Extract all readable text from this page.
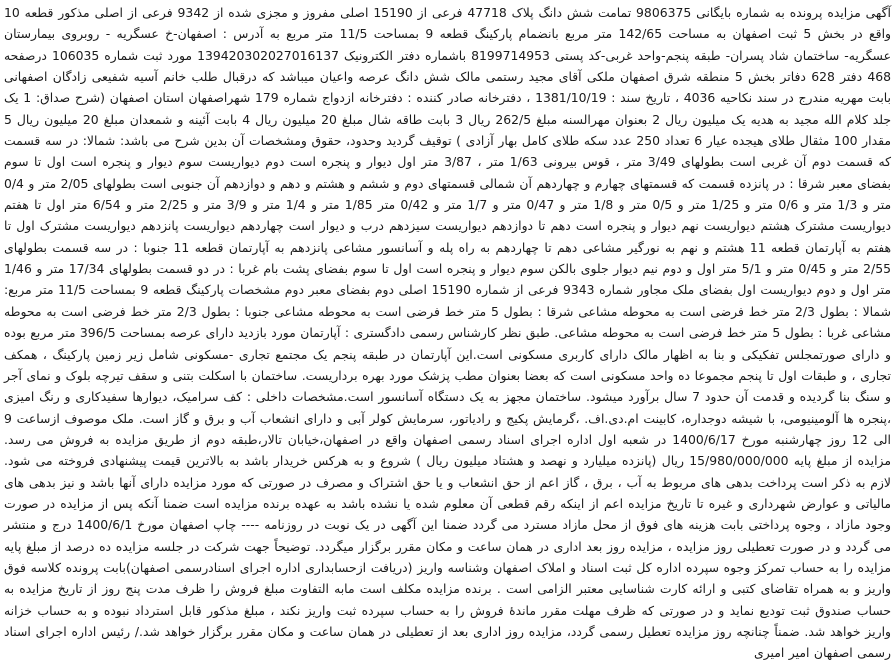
آگهی مزایده پرونده به شماره بایگانی 9806375 تمامت شش دانگ پلاک 47718 فرعی از 15190 اصلی مفروز و مجزی شده از 9342 فرعی از اصلی مذکور قطعه 10 واقع در بخش 5 ثبت اصفهان به مساحت 142/65 متر مربع بانضمام پارکینگ قطعه 9 بمساحت 11/5 متر مربع به آدرس : اصفهان-خ عسگریه - روبروی بیمارستان عسگریه- ساختمان شاد پسران- طبقه پنجم-واحد غربی-کد پستی 8199714953 باشماره دفتر الکترونیک 139420302027016137 مورد ثبت شماره 106035 درصفحه 468 دفتر 628 دفاتر بخش 5 منطقه شرق اصفهان ملکی آقای مجید رستمی مالک شش دانگ عرصه واعیان میباشد که درقبال طلب خانم آسیه شفیعی زادگان اصفهانی بابت مهریه مندرج در سند نکاحیه 4036 ، تاریخ سند : 1381/10/19 ، دفترخانه صادر کننده : دفترخانه ازدواج شماره 179 شهراصفهان استان اصفهان (شرح صداق: 1 یک جلد کلام الله مجید به هدیه یک میلیون ریال 2 بعنوان مهرالسنه مبلغ 262/5 ریال 3 بابت طاقه شال مبلغ 20 میلیون ریال 4 بابت آئینه و شمعدان مبلغ 20 میلیون ریال 5 مقدار 100 مثقال طلای هیجده عیار 6 تعداد 250 عدد سکه طلای کامل بهار آزادی ) توقیف گردید وحدود، حقوق ومشخصات آن بدین شرح می باشد: شمالا: در سه قسمت که قسمت دوم آن غربی است بطولهای 3/49 متر ، قوس بیرونی 1/63 متر ، 3/87 متر اول دیوار و پنجره است دوم دیواریست سوم دیوار و پنجره است اول تا سوم بفضای معبر شرقا : در پانزده قسمت که قسمتهای چهارم و چهاردهم آن شمالی قسمتهای دوم و ششم و هشتم و دهم و دوازدهم آن جنوبی است بطولهای 2/05 متر و 0/4 متر و 1/3 متر و 0/6 متر و 1/25 متر و 0/5 متر و 1/8 متر و 0/47 متر و 1/7 متر و 0/42 متر 1/85 متر و 1/4 متر و 3/9 متر و 2/25 متر و 6/54 متر اول تا هفتم دیواریست مشترک هشتم دیواریست نهم دیوار و پنجره است دهم تا دوازدهم دیواریست سیزدهم درب و دیوار است چهاردهم دیواریست پانزدهم دیواریست مشترک اول تا هفتم به آپارتمان قطعه 11 هشتم و نهم به نورگیر مشاعی دهم تا چهاردهم به راه پله و آسانسور مشاعی پانزدهم به آپارتمان قطعه 11 جنوبا : در سه قسمت بطولهای 2/55 متر و 0/45 متر و 5/1 متر اول و دوم نیم دیوار جلوی بالکن سوم دیوار و پنجره است اول تا سوم بفضای پشت بام غربا : در دو قسمت بطولهای 17/34 متر و 1/46 متر اول و دوم دیواریست اول بفضای ملک مجاور شماره 9343 فرعی از شماره 15190 اصلی دوم بفضای معبر دوم مشخصات پارکینگ قطعه 9 بمساحت 11/5 متر مربع: شمالا : بطول 2/3 متر خط فرضی است به محوطه مشاعی شرقا : بطول 5 متر خط فرضی است به محوطه مشاعی جنوبا : بطول 2/3 متر خط فرضی است به محوطه مشاعی غربا : بطول 5 متر خط فرضی است به محوطه مشاعی. طبق نظر کارشناس رسمی دادگستری : آپارتمان مورد بازدید دارای عرصه بمساحت 396/5 متر مربع بوده و دارای صورتمجلس تفکیکی و بنا به اظهار مالک دارای کاربری مسکونی است.این آپارتمان در طبقه پنجم یک مجتمع تجاری -مسکونی شامل زیر زمین پارکینگ ، همکف تجاری ، و طبقات اول تا پنجم مجموعا ده واحد مسکونی است که بعضا بعنوان مطب پزشک مورد بهره برداریست. ساختمان با اسکلت بتنی و سقف تیرچه بلوک و نمای آجر و سنگ بنا گردیده و قدمت آن حدود 7 سال برآورد میشود. ساختمان مجهز به یک دستگاه آسانسور است.مشخصات داخلی : کف سرامیک، دیوارها سفیدکاری و رنگ امیزی ،پنجره ها آلومینیومی، با شیشه دوجداره، کابینت ام.دی.اف. ،گرمایش پکیج و رادیاتور، سرمایش کولر آبی و دارای انشعاب آب و برق و گاز است. ملک موصوف ازساعت 9 الی 12 روز چهارشنبه مورخ 1400/6/17 در شعبه اول اداره اجرای اسناد رسمی اصفهان واقع در اصفهان،خیابان تالار،طبقه دوم از طریق مزایده به فروش می رسد. مزایده از مبلغ پایه 15/980/000/000 ریال (پانزده میلیارد و نهصد و هشتاد میلیون ریال ) شروع و به هرکس خریدار باشد به بالاترین قیمت پیشنهادی فروخته می شود. لازم به ذکر است پرداخت بدهی های مربوط به آب ، برق ، گاز اعم از حق انشعاب و یا حق اشتراک و مصرف در صورتی که مورد مزایده دارای آنها باشد و نیز بدهی های مالیاتی و عوارض شهرداری و غیره تا تاریخ مزایده اعم از اینکه رقم قطعی آن معلوم شده یا نشده باشد به عهده برنده مزایده است ضمنا آنکه پس از مزایده در صورت وجود مازاد ، وجوه پرداختی بابت هزینه های فوق از محل مازاد مسترد می گردد ضمنا این آگهی در یک نوبت در روزنامه ---- چاپ اصفهان مورخ 1400/6/1 درج و منتشر می گردد و در صورت تعطیلی روز مزایده ، مزایده روز بعد اداری در همان ساعت و مکان مقرر برگزار میگردد. توضیحاً جهت شرکت در جلسه مزایده ده درصد از مبلغ پایه مزایده را به حساب تمرکز وجوه سپرده اداره کل ثبت اسناد و املاک اصفهان وشناسه واریز (دریافت ازحسابداری اداره اجرای اسنادرسمی اصفهان)بابت پرونده کلاسه فوق واریز و به همراه تقاضای کتبی و ارائه کارت شناسایی معتبر الزامی است . برنده مزایده مکلف است مابه التفاوت مبلغ فروش را ظرف مدت پنج روز از تاریخ مزایده به حساب صندوق ثبت تودیع نماید و در صورتی که ظرف مهلت مقرر ماندهٔ فروش را به حساب سپرده ثبت واریز نکند ، مبلغ مذکور قابل استرداد نبوده و به حساب خزانه واریز خواهد شد. ضمناً چنانچه روز مزایده تعطیل رسمی گردد، مزایده روز اداری بعد از تعطیلی در همان ساعت و مکان مقرر برگزار خواهد شد./ رئیس اداره اجرای اسناد رسمی اصفهان امیر امیری
